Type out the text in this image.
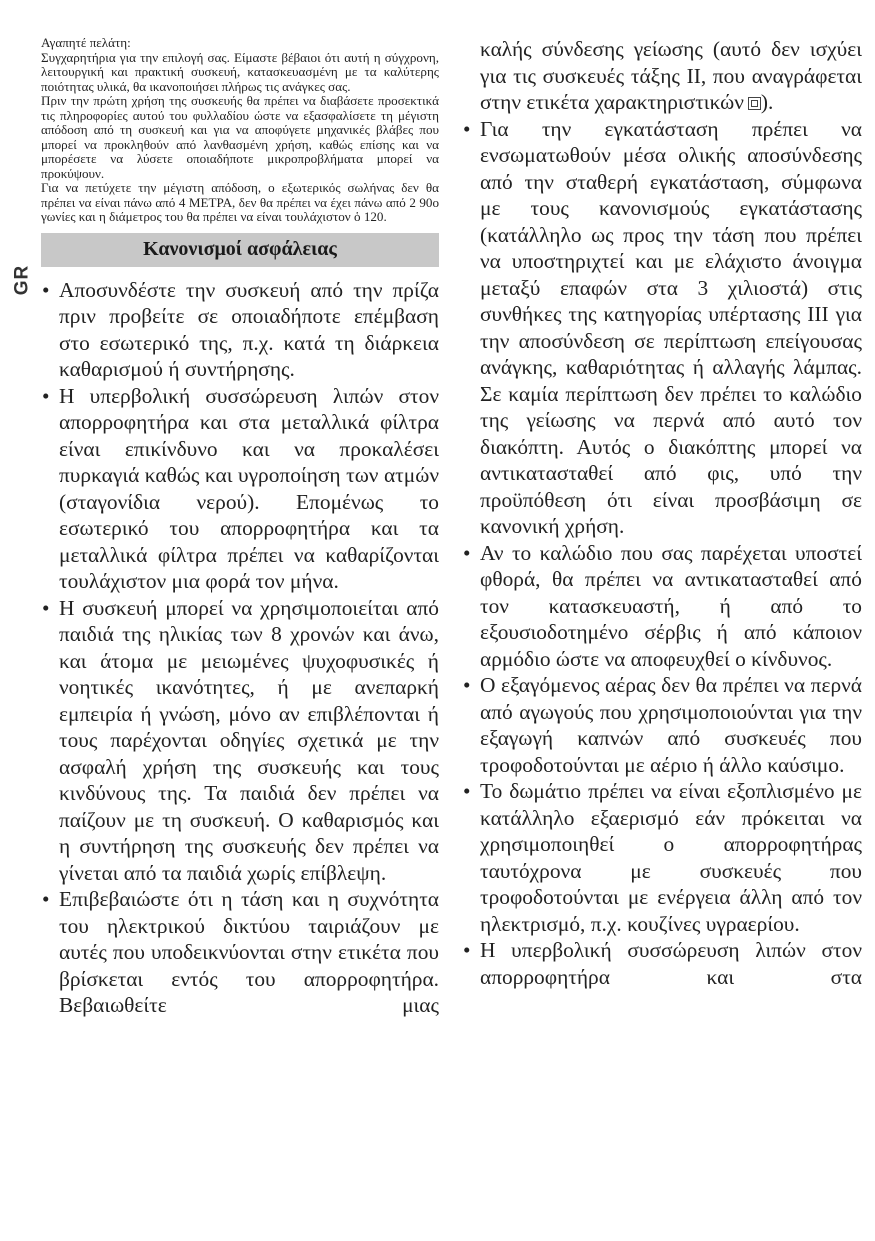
GR

Αγαπητέ πελάτη:

Συγχαρητήρια για την επιλογή σας. Είμαστε βέβαιοι ότι αυτή η σύγχρονη, λειτουργική και πρακτική συσκευή, κατασκευασμένη με τα καλύτερης ποιότητας υλικά, θα ικανοποιήσει πλήρως τις ανάγκες σας.

Πριν την πρώτη χρήση της συσκευής θα πρέπει να διαβάσετε προσεκτικά τις πληροφορίες αυτού του φυλλαδίου ώστε να εξασφαλίσετε τη μέγιστη απόδοση από τη συσκευή και για να αποφύγετε μηχανικές βλάβες που μπορεί να προκληθούν από λανθασμένη χρήση, καθώς επίσης και να μπορέσετε να λύσετε οποιαδήποτε μικροπροβλήματα μπορεί να προκύψουν.

Για να πετύχετε την μέγιστη απόδοση, ο εξωτερικός σωλήνας δεν θα πρέπει να είναι πάνω από 4 ΜΕΤΡΑ, δεν θα πρέπει να έχει πάνω από 2 90ο γωνίες και η διάμετρος του θα πρέπει να είναι τουλάχιστον ὁ 120.

Κανονισμοί ασφάλειας
• Αποσυνδέστε την συσκευή από την πρίζα πριν προβείτε σε οποιαδήποτε επέμβαση στο εσωτερικό της, π.χ. κατά τη διάρκεια καθαρισμού ή συντήρησης.
• Η υπερβολική συσσώρευση λιπών στον απορροφητήρα και στα μεταλλικά φίλτρα είναι επικίνδυνο και να προκαλέσει πυρκαγιά καθώς και υγροποίηση των ατμών (σταγονίδια νερού). Επομένως το εσωτερικό του απορροφητήρα και τα μεταλλικά φίλτρα πρέπει να καθαρίζονται τουλάχιστον μια φορά τον μήνα.
• Η συσκευή μπορεί να χρησιμοποιείται από παιδιά της ηλικίας των 8 χρονών και άνω, και άτομα με μειωμένες ψυχοφυσικές ή νοητικές ικανότητες, ή με ανεπαρκή εμπειρία ή γνώση, μόνο αν επιβλέπονται ή τους παρέχονται οδηγίες σχετικά με την ασφαλή χρήση της συσκευής και τους κινδύνους της. Τα παιδιά δεν πρέπει να παίζουν με τη συσκευή. Ο καθαρισμός και η συντήρηση της συσκευής δεν πρέπει να γίνεται από τα παιδιά χωρίς επίβλεψη.
• Επιβεβαιώστε ότι η τάση και η συχνότητα του ηλεκτρικού δικτύου ταιριάζουν με αυτές που υποδεικνύονται στην ετικέτα που βρίσκεται εντός του απορροφητήρα. Βεβαιωθείτε μιας

καλής σύνδεσης γείωσης (αυτό δεν ισχύει για τις συσκευές τάξης II, που αναγράφεται στην ετικέτα χαρακτηριστικών ).

• Για την εγκατάσταση πρέπει να ενσωματωθούν μέσα ολικής αποσύνδεσης από την σταθερή εγκατάσταση, σύμφωνα με τους κανονισμούς εγκατάστασης (κατάλληλο ως προς την τάση που πρέπει να υποστηριχτεί και με ελάχιστο άνοιγμα μεταξύ επαφών στα 3 χιλιοστά) στις συνθήκες της κατηγορίας υπέρτασης III για την αποσύνδεση σε περίπτωση επείγουσας ανάγκης, καθαριότητας ή αλλαγής λάμπας. Σε καμία περίπτωση δεν πρέπει το καλώδιο της γείωσης να περνά από αυτό τον διακόπτη. Αυτός ο διακόπτης μπορεί να αντικατασταθεί από φις, υπό την προϋπόθεση ότι είναι προσβάσιμη σε κανονική χρήση.
• Αν το καλώδιο που σας παρέχεται υποστεί φθορά, θα πρέπει να αντικατασταθεί από τον κατασκευαστή, ή από το εξουσιοδοτημένο σέρβις ή από κάποιον αρμόδιο ώστε να αποφευχθεί ο κίνδυνος.
• Ο εξαγόμενος αέρας δεν θα πρέπει να περνά από αγωγούς που χρησιμοποιούνται για την εξαγωγή καπνών από συσκευές που τροφοδοτούνται με αέριο ή άλλο καύσιμο.
• Το δωμάτιο πρέπει να είναι εξοπλισμένο με κατάλληλο εξαερισμό εάν πρόκειται να χρησιμοποιηθεί ο απορροφητήρας ταυτόχρονα με συσκευές που τροφοδοτούνται με ενέργεια άλλη από τον ηλεκτρισμό, π.χ. κουζίνες υγραερίου.
• Η υπερβολική συσσώρευση λιπών στον απορροφητήρα και στα
